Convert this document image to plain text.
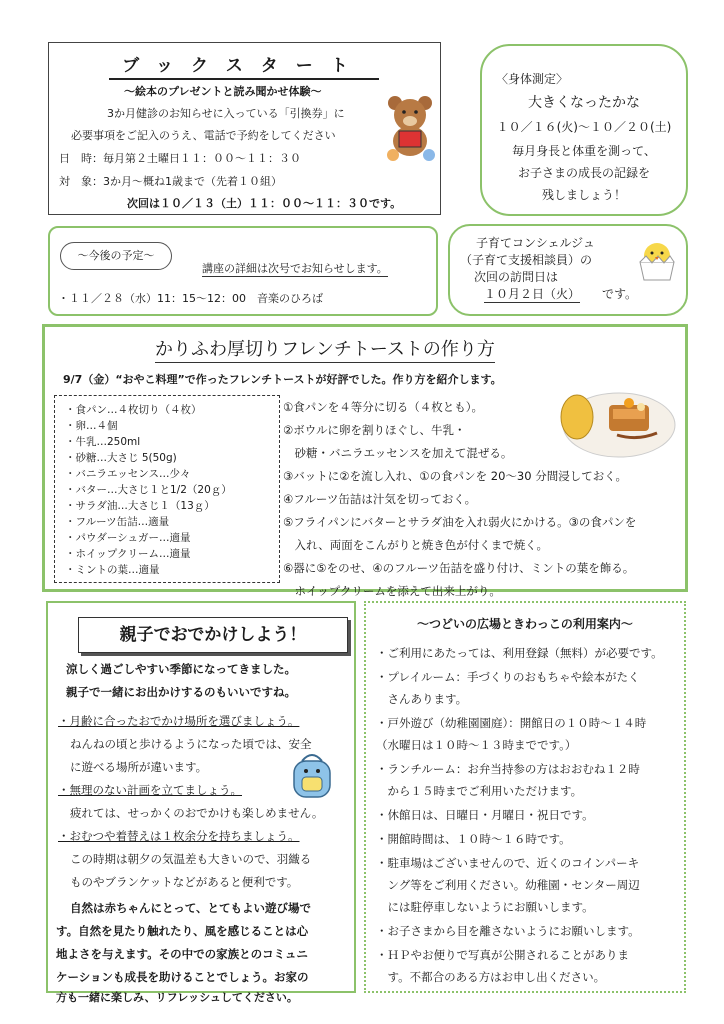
ブックスタート
～絵本のプレゼントと読み聞かせ体験～
3か月健診のお知らせに入っている「引換券」に
必要事項をご記入のうえ、電話で予約をしてください
日　時：毎月第２土曜日１１：００～１１：３０
対　象：3か月～概ね1歳まで（先着１０組）
次回は１０／１３（土）１１：００～１１：３０です。
〈身体測定〉
大きくなったかな
１０／１６(火)～１０／２０(土)
毎月身長と体重を測って、
お子さまの成長の記録を
残しましょう！
～今後の予定～
講座の詳細は次号でお知らせします。
・１１／２８（水）11：15～12：00　音楽のひろば
子育てコンシェルジュ
（子育て支援相談員）の
次回の訪問日は
１０月２日（火） です。
かりふわ厚切りフレンチトーストの作り方
9/7（金）“おやこ料理”で作ったフレンチトーストが好評でした。作り方を紹介します。
・食パン…４枚切り（４枚）
・卵…４個
・牛乳…250ml
・砂糖…大さじ 5(50g)
・バニラエッセンス…少々
・バター…大さじ１と1/2（20ｇ）
・サラダ油…大さじ１（13ｇ）
・フルーツ缶詰…適量
・パウダーシュガー…適量
・ホイップクリーム…適量
・ミントの葉…適量
①食パンを４等分に切る（４枚とも）。
②ボウルに卵を割りほぐし、牛乳・
　砂糖・バニラエッセンスを加えて混ぜる。
③バットに②を流し入れ、①の食パンを 20～30 分間浸しておく。
④フルーツ缶詰は汁気を切っておく。
⑤フライパンにバターとサラダ油を入れ弱火にかける。③の食パンを
　入れ、両面をこんがりと焼き色が付くまで焼く。
⑥器に⑤をのせ、④のフルーツ缶詰を盛り付け、ミントの葉を飾る。
　ホイップクリームを添えて出来上がり。
親子でおでかけしよう！
涼しく過ごしやすい季節になってきました。
親子で一緒にお出かけするのもいいですね。
・月齢に合ったおでかけ場所を選びましょう。
ねんねの頃と歩けるようになった頃では、安全
に遊べる場所が違います。
・無理のない計画を立てましょう。
疲れては、せっかくのおでかけも楽しめません。
・おむつや着替えは１枚余分を持ちましょう。
この時期は朝夕の気温差も大きいので、羽織る
ものやブランケットなどがあると便利です。
自然は赤ちゃんにとって、とてもよい遊び場で
す。自然を見たり触れたり、風を感じることは心
地よさを与えます。その中での家族とのコミュニ
ケーションも成長を助けることでしょう。お家の
方も一緒に楽しみ、リフレッシュしてください。
～つどいの広場ときわっこの利用案内～
・ご利用にあたっては、利用登録（無料）が必要です。
・プレイルーム：手づくりのおもちゃや絵本がたく
　さんあります。
・戸外遊び（幼稚園園庭）：開館日の１０時～１４時
（水曜日は１０時～１３時までです。）
・ランチルーム：お弁当持参の方はおおむね１２時
　から１５時までご利用いただけます。
・休館日は、日曜日・月曜日・祝日です。
・開館時間は、１０時～１６時です。
・駐車場はございませんので、近くのコインパーキ
　ング等をご利用ください。幼稚園・センター周辺
　には駐停車しないようにお願いします。
・お子さまから目を離さないようにお願いします。
・ＨＰやお便りで写真が公開されることがありま
　す。不都合のある方はお申し出ください。
